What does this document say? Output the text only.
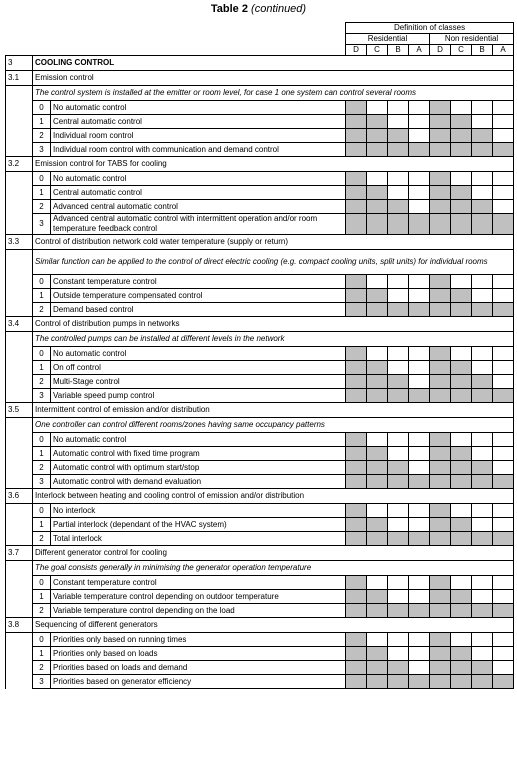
Table 2 (continued)
			Definition of classes							
			Residential				Non residential			
			D	C	B	A	D	C	B	A
3	COOLING CONTROL									
3.1	Emission control									
	The control system is installed at the emitter or room level, for case 1 one system can control several rooms									
	0	No automatic control								
	1	Central automatic control								
	2	Individual room control								
	3	Individual room control with communication and demand control								
3.2	Emission control for TABS for cooling									
	0	No automatic control								
	1	Central automatic control								
	2	Advanced central automatic control								
	3	Advanced central automatic control with intermittent operation and/or room temperature feedback control								
3.3	Control of distribution network cold water temperature (supply or return)									
	Similar function can be applied to the control of direct electric cooling (e.g. compact cooling units, split units) for individual rooms									
	0	Constant temperature control								
	1	Outside temperature compensated control								
	2	Demand based control								
3.4	Control of distribution pumps in networks									
	The controlled pumps can be installed at different levels in the network									
	0	No automatic control								
	1	On off control								
	2	Multi-Stage control								
	3	Variable speed pump control								
3.5	Intermittent control of emission and/or distribution									
	One controller can control different rooms/zones having same occupancy patterns									
	0	No automatic control								
	1	Automatic control with fixed time program								
	2	Automatic control with optimum start/stop								
	3	Automatic control with demand evaluation								
3.6	Interlock between heating and cooling control of emission and/or distribution									
	0	No interlock								
	1	Partial interlock (dependant of the HVAC system)								
	2	Total interlock								
3.7	Different generator control for cooling									
	The goal consists generally in minimising the generator operation temperature									
	0	Constant temperature control								
	1	Variable temperature control depending on outdoor temperature								
	2	Variable temperature control depending on the load								
3.8	Sequencing of different generators									
	0	Priorities only based on running times								
	1	Priorities only based on loads								
	2	Priorities based on loads and demand								
	3	Priorities based on generator efficiency								
